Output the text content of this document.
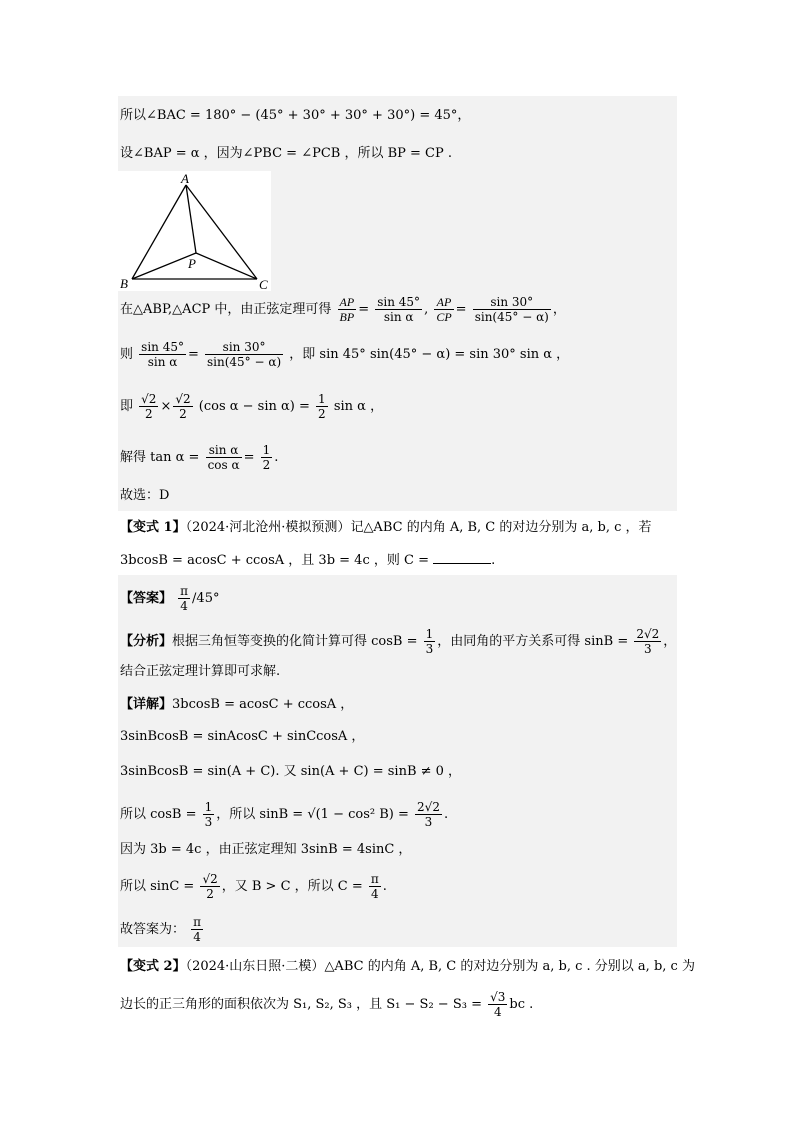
所以∠BAC = 180° − (45° + 30° + 30° + 30°) = 45°，
设∠BAP = α ，因为∠PBC = ∠PCB ，所以 BP = CP .
A
B	C
P
在△ABP,△ACP 中，由正弦定理可得 $\frac{AP}{BP} = \frac{\sin 45^\circ}{\text{sin α}}$ , $\frac{AP}{CP} = \frac{\sin 30^\circ}{\sin(45^\circ - \alpha)}$ ，
则 $\frac{\sin 45^\circ}{\text{sin α}} = \frac{\sin 30^\circ}{\sin(45^\circ - \alpha)}$ ，即 sin 45° sin(45° − α) = sin 30° sin α ，
即 $\frac{√2}{2} \times \frac{√2}{2} (\cos$ $\alpha - \sin \alpha) = \frac{1}{2}$ sin α ，
解得 $\tan \alpha = \frac{\text{sin α}}{\text{cos α}} = \frac{1}{2}$ .
故选：D
【变式 1】（2024·河北沧州·模拟预测）记△ABC 的内角 A, B, C 的对边分别为 a, b, c ，若
3bcosB = acosC + ccosA ，且 3b = 4c ，则 C =	.
【答案】 $\frac{\pi}{4} /45^\circ$
【分析】根据三角恒等变换的化简计算可得 $\cos B = \frac{1}{3}$ ，由同角的平方关系可得 $\sin B = \frac{2√2}{3}$ ，
结合正弦定理计算即可求解.
【详解】3bcosB = acosC + ccosA ，
3sinBcosB = sinAcosC + sinCcosA ，
3sinBcosB = sin(A + C). 又 sin(A + C) = sinB ≠ 0 ，
所以 $\cos B = \frac{1}{3}$ ，所以 sinB = √(1 − cos² $B) = \frac{2√2}{3}$ .
因为 3b = 4c ，由正弦定理知 3sinB = 4sinC ，
所以 $\sin C = \frac{√2}{2}$ ，又 B > C ，所以 $C = \frac{\pi}{4}$ .
故答案为： $\frac{\pi}{4}$
【变式 2】（2024·山东日照·二模）△ABC 的内角 A, B, C 的对边分别为 a, b, c . 分别以 a, b, c 为
边长的正三角形的面积依次为 S₁, S₂, S₃ ，且 $S_1 - S_2 - S_3 = \frac{√3}{4}$ bc .
